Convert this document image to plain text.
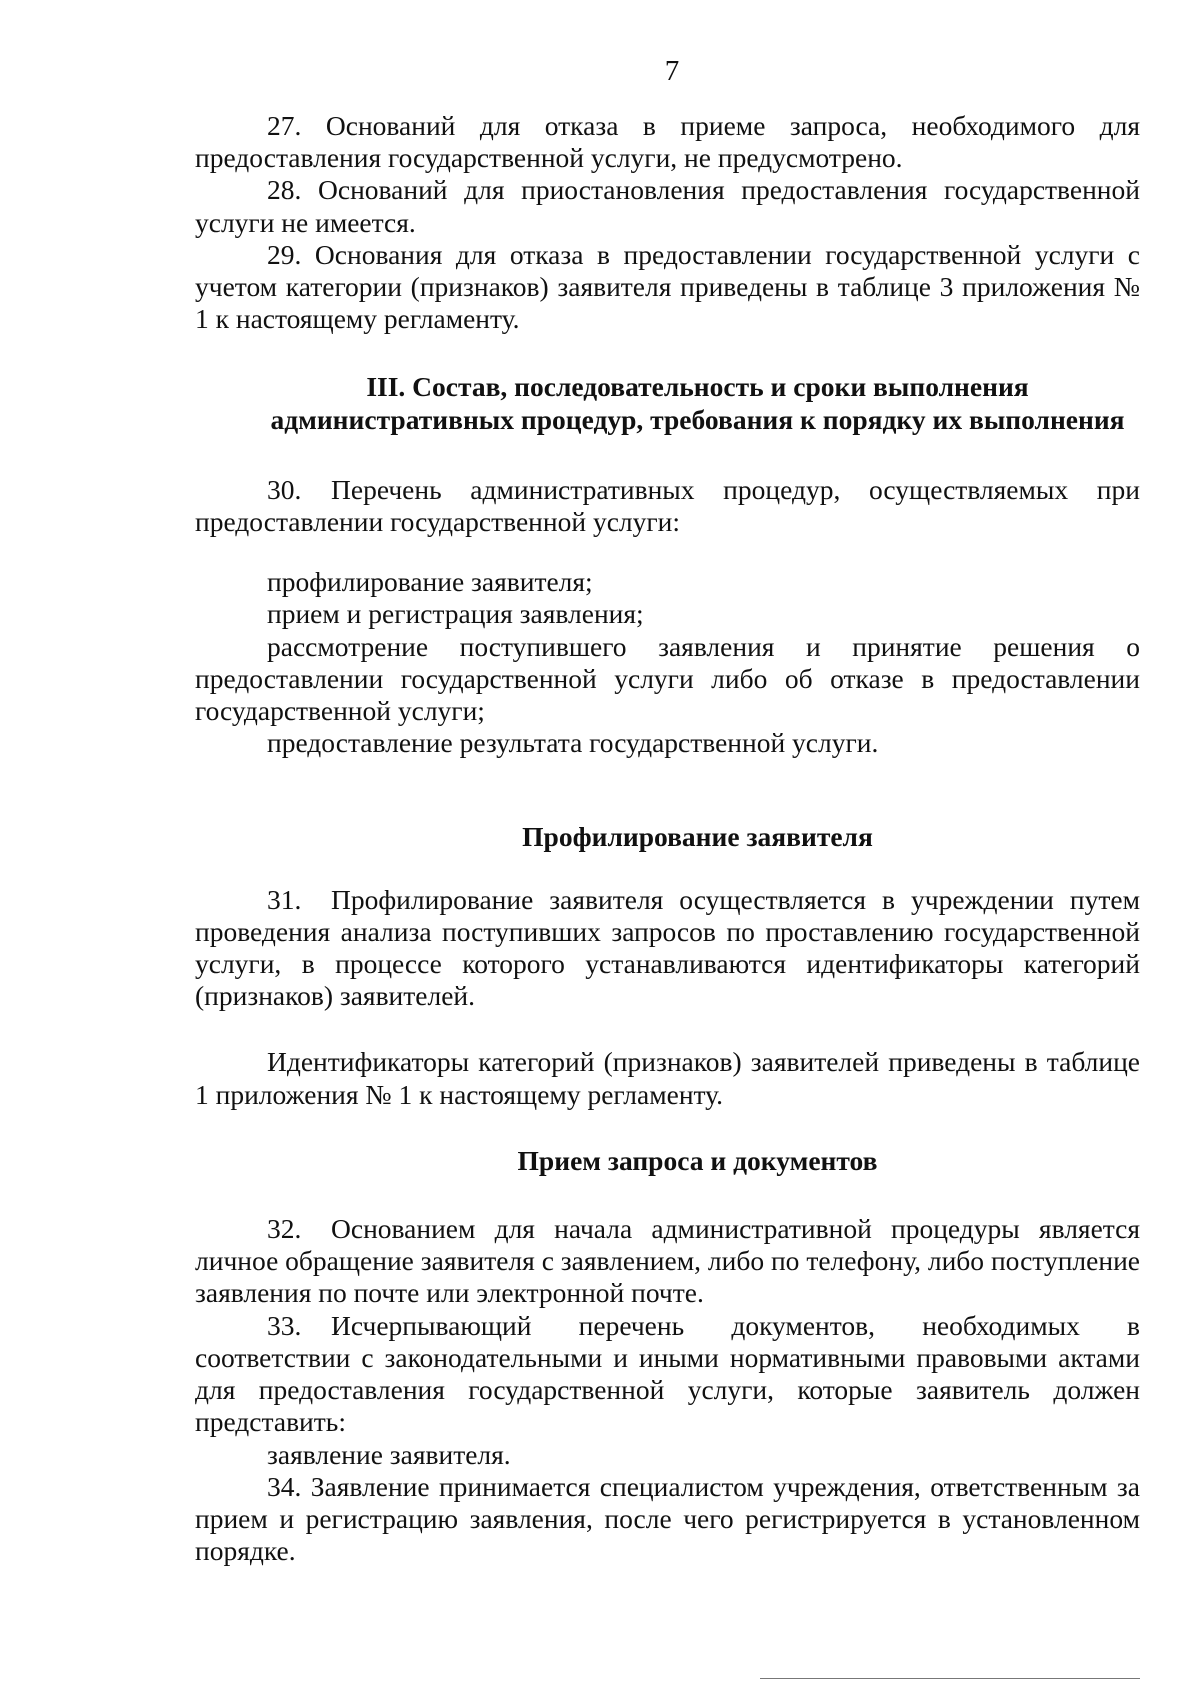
7

27. Оснований для отказа в приеме запроса, необходимого для предоставления государственной услуги, не предусмотрено.

28. Оснований для приостановления предоставления государственной услуги не имеется.

29. Основания для отказа в предоставлении государственной услуги с учетом категории (признаков) заявителя приведены в таблице 3 приложения № 1 к настоящему регламенту.

III. Состав, последовательность и сроки выполнения административных процедур, требования к порядку их выполнения

30. Перечень административных процедур, осуществляемых при предоставлении государственной услуги:

профилирование заявителя;

прием и регистрация заявления;

рассмотрение поступившего заявления и принятие решения о предоставлении государственной услуги либо об отказе в предоставлении государственной услуги;

предоставление результата государственной услуги.

Профилирование заявителя

31. Профилирование заявителя осуществляется в учреждении путем проведения анализа поступивших запросов по проставлению государственной услуги, в процессе которого устанавливаются идентификаторы категорий (признаков) заявителей.

Идентификаторы категорий (признаков) заявителей приведены в таблице 1 приложения № 1 к настоящему регламенту.

Прием запроса и документов

32. Основанием для начала административной процедуры является личное обращение заявителя с заявлением, либо по телефону, либо поступление заявления по почте или электронной почте.

33. Исчерпывающий перечень документов, необходимых в соответствии с законодательными и иными нормативными правовыми актами для предоставления государственной услуги, которые заявитель должен представить:

заявление заявителя.

34. Заявление принимается специалистом учреждения, ответственным за прием и регистрацию заявления, после чего регистрируется в установленном порядке.
